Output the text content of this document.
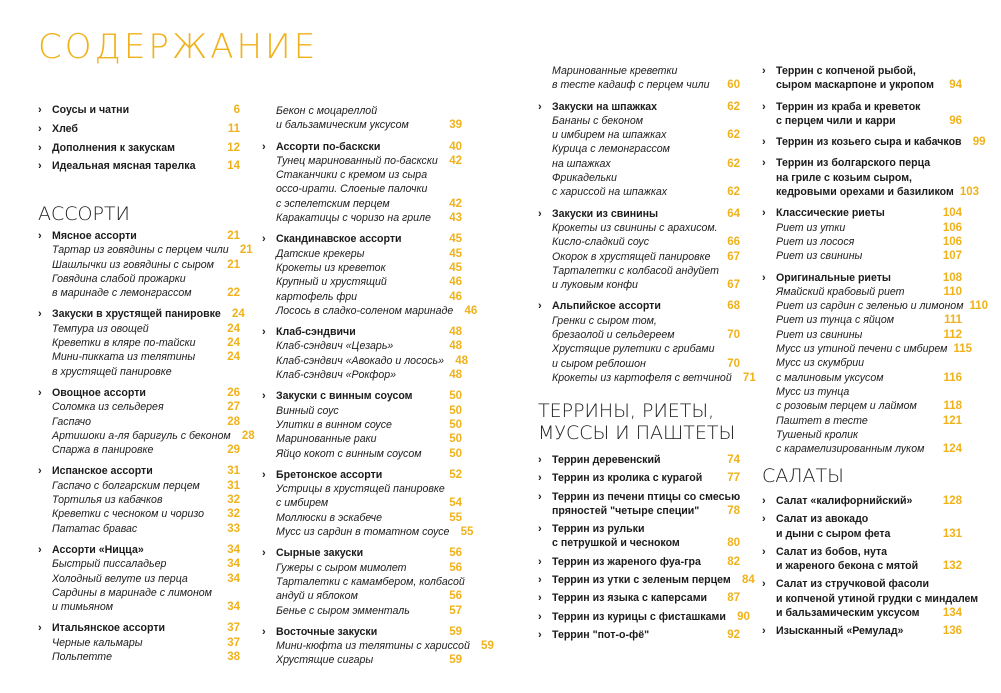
СОДЕРЖАНИЕ
› Соусы и чатни	6
› Хлеб	11
› Дополнения к закускам	12
› Идеальная мясная тарелка	14
АССОРТИ
› Мясное ассорти	21
Тартар из говядины с перцем чили 21
Шашлычки из говядины с сыром	21
Говядина слабой прожарки
в маринаде с лемонграссом	22
› Закуски в хрустящей панировке 24
Темпура из овощей	24
Креветки в кляре по-тайски	24
Мини-пикката из телятины	24
в хрустящей панировке
› Овощное ассорти	26
Соломка из сельдерея	27
Гаспачо	28
Артишоки а-ля баригуль с беконом 28
Спаржа в панировке	29
› Испанское ассорти	31
Гаспачо с болгарским перцем	31
Тортилья из кабачков	32
Креветки с чесноком и чоризо	32
Пататас бравас	33
› Ассорти «Ницца»	34
Быстрый писсаладьер	34
Холодный велуте из перца	34
Сардины в маринаде с лимоном
и тимьяном	34
› Итальянское ассорти	37
Черные кальмары	37
Польпетте	38
Бекон с моцареллой
и бальзамическим уксусом	39
› Ассорти по-баскски	40
Тунец маринованный по-баскски 42
Стаканчики с кремом из сыра
оссо-ирати. Слоеные палочки
с эспелетским перцем	42
Каракатицы с чоризо на гриле	43
› Скандинавское ассорти	45
Датские крекеры	45
Крокеты из креветок	45
Крупный и хрустящий	46
картофель фри	46
Лосось в сладко-соленом маринаде 46
› Клаб-сэндвичи	48
Клаб-сэндвич «Цезарь»	48
Клаб-сэндвич «Авокадо и лосось» 48
Клаб-сэндвич «Рокфор»	48
› Закуски с винным соусом	50
Винный соус	50
Улитки в винном соусе	50
Маринованные раки	50
Яйцо кокот с винным соусом	50
› Бретонское ассорти	52
Устрицы в хрустящей панировке
с имбирем	54
Моллюски в эскабече	55
Мусс из сардин в томатном соусе 55
› Сырные закуски	56
Гужеры с сыром мимолет	56
Тарталетки с камамбером, колбасой
андуй и яблоком	56
Бенье с сыром эмменталь	57
› Восточные закуски	59
Мини-кюфта из телятины с хариссой 59
Хрустящие сигары	59
Маринованные креветки
в тесте кадаиф с перцем чили	60
› Закуски на шпажках	62
Бананы с беконом
и имбирем на шпажках	62
Курица с лемонграссом
на шпажках	62
Фрикадельки
с хариссой на шпажках	62
› Закуски из свинины	64
Крокеты из свинины с арахисом.
Кисло-сладкий соус	66
Окорок в хрустящей панировке	67
Тарталетки с колбасой андуйет
и луковым конфи	67
› Альпийское ассорти	68
Гренки с сыром том,
брезаолой и сельдереем	70
Хрустящие рулетики с грибами
и сыром реблошон	70
Крокеты из картофеля с ветчиной 71
ТЕРРИНЫ, РИЕТЫ,
МУССЫ И ПАШТЕТЫ
› Террин деревенский	74
› Террин из кролика с курагой	77
› Террин из печени птицы со смесью
пряностей "четыре специи"	78
› Террин из рульки
с петрушкой и чесноком	80
› Террин из жареного фуа-гра	82
› Террин из утки с зеленым перцем 84
› Террин из языка с каперсами	87
› Террин из курицы с фисташками 90
› Террин "пот-о-фё"	92
› Террин с копченой рыбой,
сыром маскарпоне и укропом	94
› Террин из краба и креветок
с перцем чили и карри	96
› Террин из козьего сыра и кабачков 99
› Террин из болгарского перца
на гриле с козьим сыром,
кедровыми орехами и базиликом 103
› Классические риеты	104
Риет из утки	106
Риет из лосося	106
Риет из свинины	107
› Оригинальные риеты	108
Ямайский крабовый риет	110
Риет из сардин с зеленью и лимоном 110
Риет из тунца с яйцом	111
Риет из свинины	112
Мусс из утиной печени с имбирем 115
Мусс из скумбрии
с малиновым уксусом	116
Мусс из тунца
с розовым перцем и лаймом	118
Паштет в тесте	121
Тушеный кролик
с карамелизированным луком	124
САЛАТЫ
› Салат «калифорнийский»	128
› Салат из авокадо
и дыни с сыром фета	131
› Салат из бобов, нута
и жареного бекона с мятой	132
› Салат из стручковой фасоли
и копченой утиной грудки с миндалем
и бальзамическим уксусом	134
› Изысканный «Ремулад»	136
